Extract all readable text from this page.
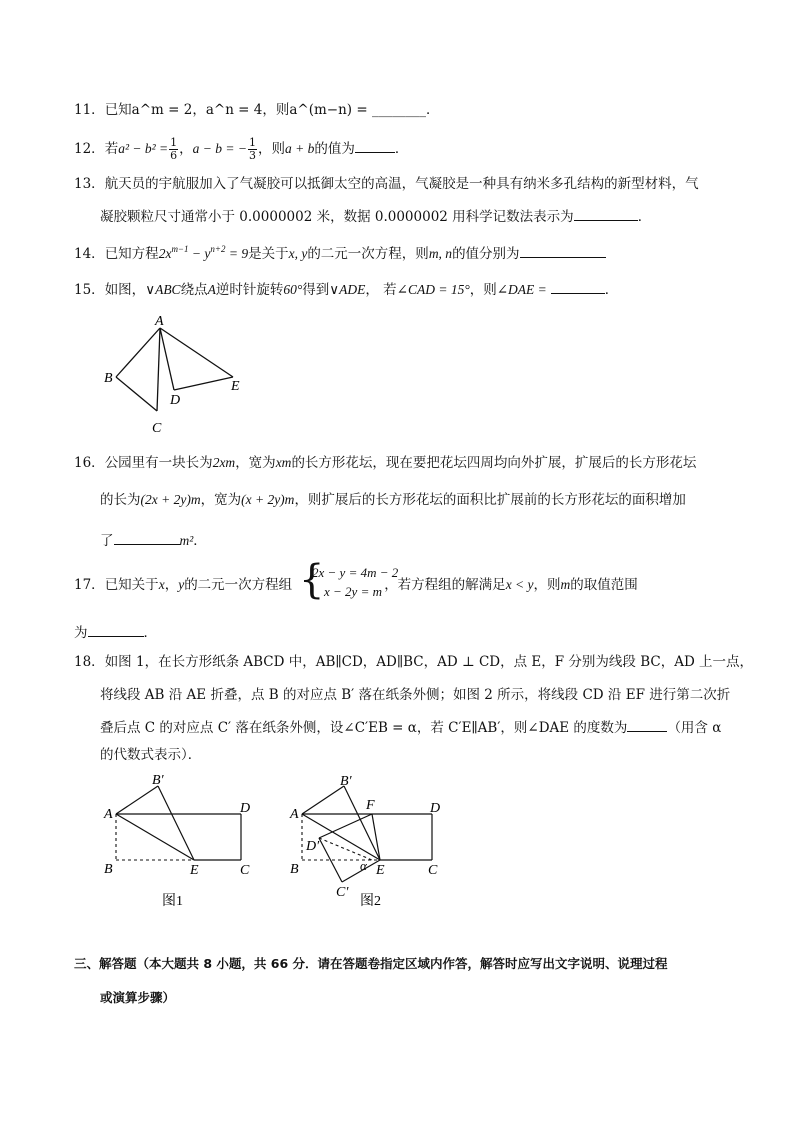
11．已知a^m = 2，a^n = 4，则a^(m−n) = ________．
12．若$a^2 - b^2 = \frac{1}{6}$ ，a − b = − $\frac{1}{3}$ ，则a + b的值为	．
13．航天员的宇航服加入了气凝胶可以抵御太空的高温，气凝胶是一种具有纳米多孔结构的新型材料，气
凝胶颗粒尺寸通常小于 0.0000002 米，数据 0.0000002 用科学记数法表示为	．
14．已知方程$2x^{m-1} - y^{n+2} = 9$是关于x, y的二元一次方程，则m, n的值分别为
15．如图，∨ABC绕点A逆时针旋转60°得到∨ADE， 若∠CAD = 15°，则∠DAE =	．
A
B
C
D
E
16．公园里有一块长为2xm，宽为xm的长方形花坛，现在要把花坛四周均向外扩展，扩展后的长方形花坛
的长为(2x + 2y)m，宽为(x + 2y)m，则扩展后的长方形花坛的面积比扩展前的长方形花坛的面积增加
了	m²．
17．已知关于x，y的二元一次方程组	，若方程组的解满足x < y，则m的取值范围
{
2x − y = 4m − 2
x − 2y = m
为	．
18．如图 1，在长方形纸条 ABCD 中，AB∥CD，AD∥BC，AD ⊥ CD，点 E，F 分别为线段 BC，AD 上一点，
将线段 AB 沿 AE 折叠，点 B 的对应点 B′ 落在纸条外侧；如图 2 所示，将线段 CD 沿 EF 进行第二次折
叠后点 C 的对应点 C′ 落在纸条外侧，设∠C′EB = α，若 C′E∥AB′，则∠DAE 的度数为	（用含 α
的代数式表示）．
A
B′
D
B	E	C
图1
A
B′
F	D
D′
α
B	E	C
C′
图2
三、解答题（本大题共 8 小题，共 66 分．请在答题卷指定区域内作答，解答时应写出文字说明、说理过程
或演算步骤）
